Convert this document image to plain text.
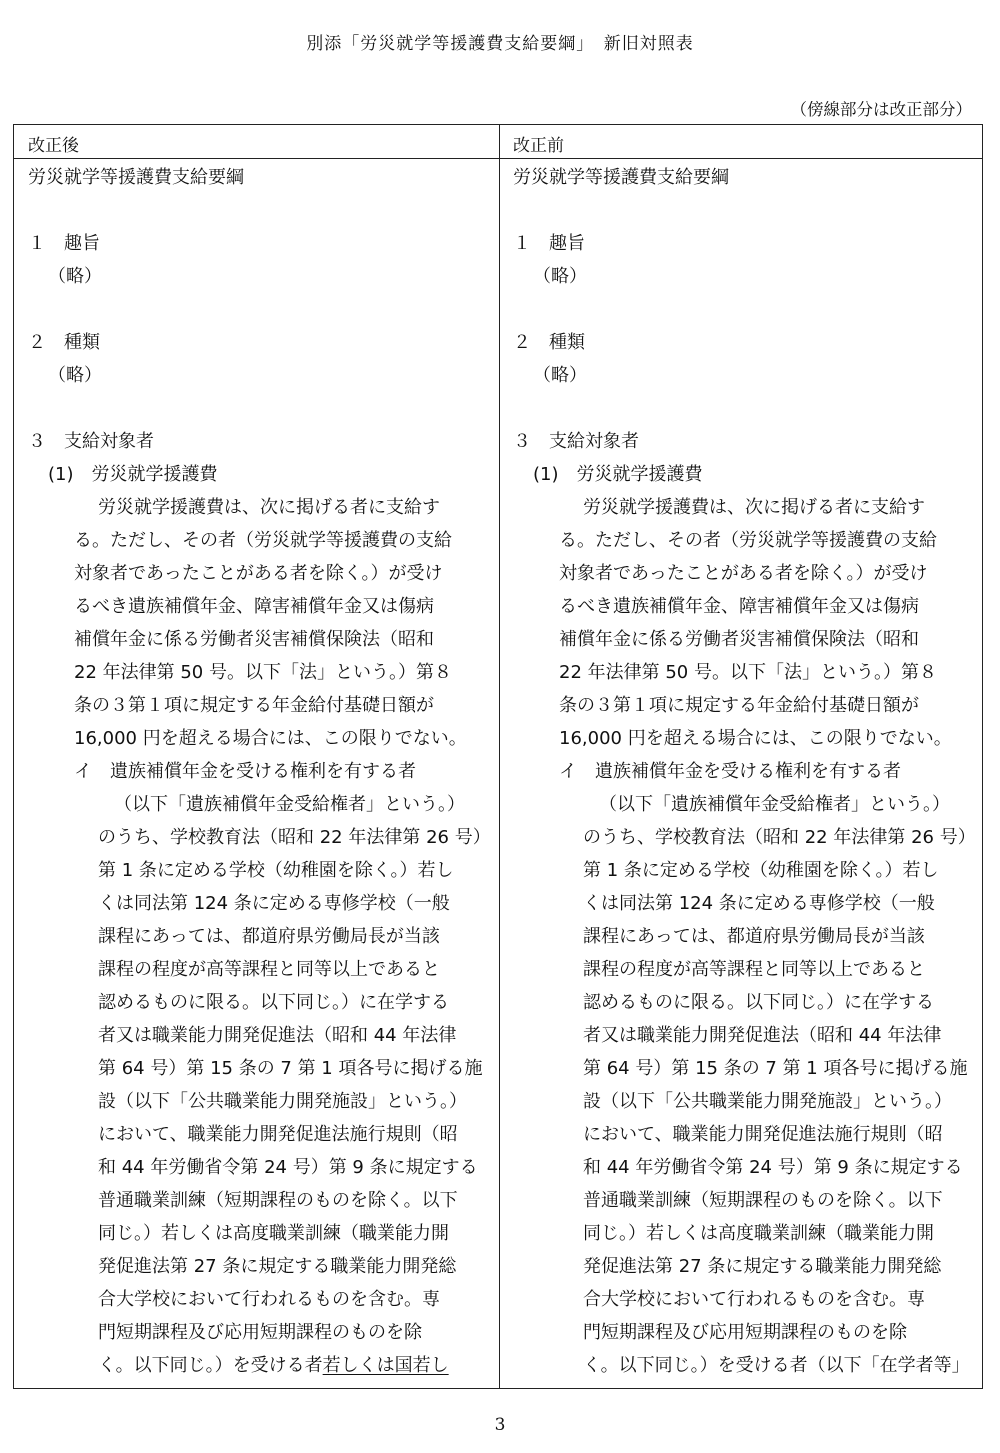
別添「労災就学等援護費支給要綱」　新旧対照表
（傍線部分は改正部分）
改正後	改正前
労災就学等援護費支給要綱
１　趣旨
（略）
２　種類
（略）
３　支給対象者
(1)　労災就学援護費
労災就学援護費は、次に掲げる者に支給す
る。ただし、その者（労災就学等援護費の支給
対象者であったことがある者を除く。）が受け
るべき遺族補償年金、障害補償年金又は傷病
補償年金に係る労働者災害補償保険法（昭和
22 年法律第 50 号。以下「法」という。）第８
条の３第１項に規定する年金給付基礎日額が
16,000 円を超える場合には、この限りでない。
イ　遺族補償年金を受ける権利を有する者
（以下「遺族補償年金受給権者」という。）
のうち、学校教育法（昭和 22 年法律第 26 号）
第 1 条に定める学校（幼稚園を除く。）若し
くは同法第 124 条に定める専修学校（一般
課程にあっては、都道府県労働局長が当該
課程の程度が高等課程と同等以上であると
認めるものに限る。以下同じ。）に在学する
者又は職業能力開発促進法（昭和 44 年法律
第 64 号）第 15 条の 7 第 1 項各号に掲げる施
設（以下「公共職業能力開発施設」という。）
において、職業能力開発促進法施行規則（昭
和 44 年労働省令第 24 号）第 9 条に規定する
普通職業訓練（短期課程のものを除く。以下
同じ。）若しくは高度職業訓練（職業能力開
発促進法第 27 条に規定する職業能力開発総
合大学校において行われるものを含む。専
門短期課程及び応用短期課程のものを除
く。以下同じ。）を受ける者若しくは国若し
労災就学等援護費支給要綱
１　趣旨
（略）
２　種類
（略）
３　支給対象者
(1)　労災就学援護費
労災就学援護費は、次に掲げる者に支給す
る。ただし、その者（労災就学等援護費の支給
対象者であったことがある者を除く。）が受け
るべき遺族補償年金、障害補償年金又は傷病
補償年金に係る労働者災害補償保険法（昭和
22 年法律第 50 号。以下「法」という。）第８
条の３第１項に規定する年金給付基礎日額が
16,000 円を超える場合には、この限りでない。
イ　遺族補償年金を受ける権利を有する者
（以下「遺族補償年金受給権者」という。）
のうち、学校教育法（昭和 22 年法律第 26 号）
第 1 条に定める学校（幼稚園を除く。）若し
くは同法第 124 条に定める専修学校（一般
課程にあっては、都道府県労働局長が当該
課程の程度が高等課程と同等以上であると
認めるものに限る。以下同じ。）に在学する
者又は職業能力開発促進法（昭和 44 年法律
第 64 号）第 15 条の 7 第 1 項各号に掲げる施
設（以下「公共職業能力開発施設」という。）
において、職業能力開発促進法施行規則（昭
和 44 年労働省令第 24 号）第 9 条に規定する
普通職業訓練（短期課程のものを除く。以下
同じ。）若しくは高度職業訓練（職業能力開
発促進法第 27 条に規定する職業能力開発総
合大学校において行われるものを含む。専
門短期課程及び応用短期課程のものを除
く。以下同じ。）を受ける者（以下「在学者等」
3
